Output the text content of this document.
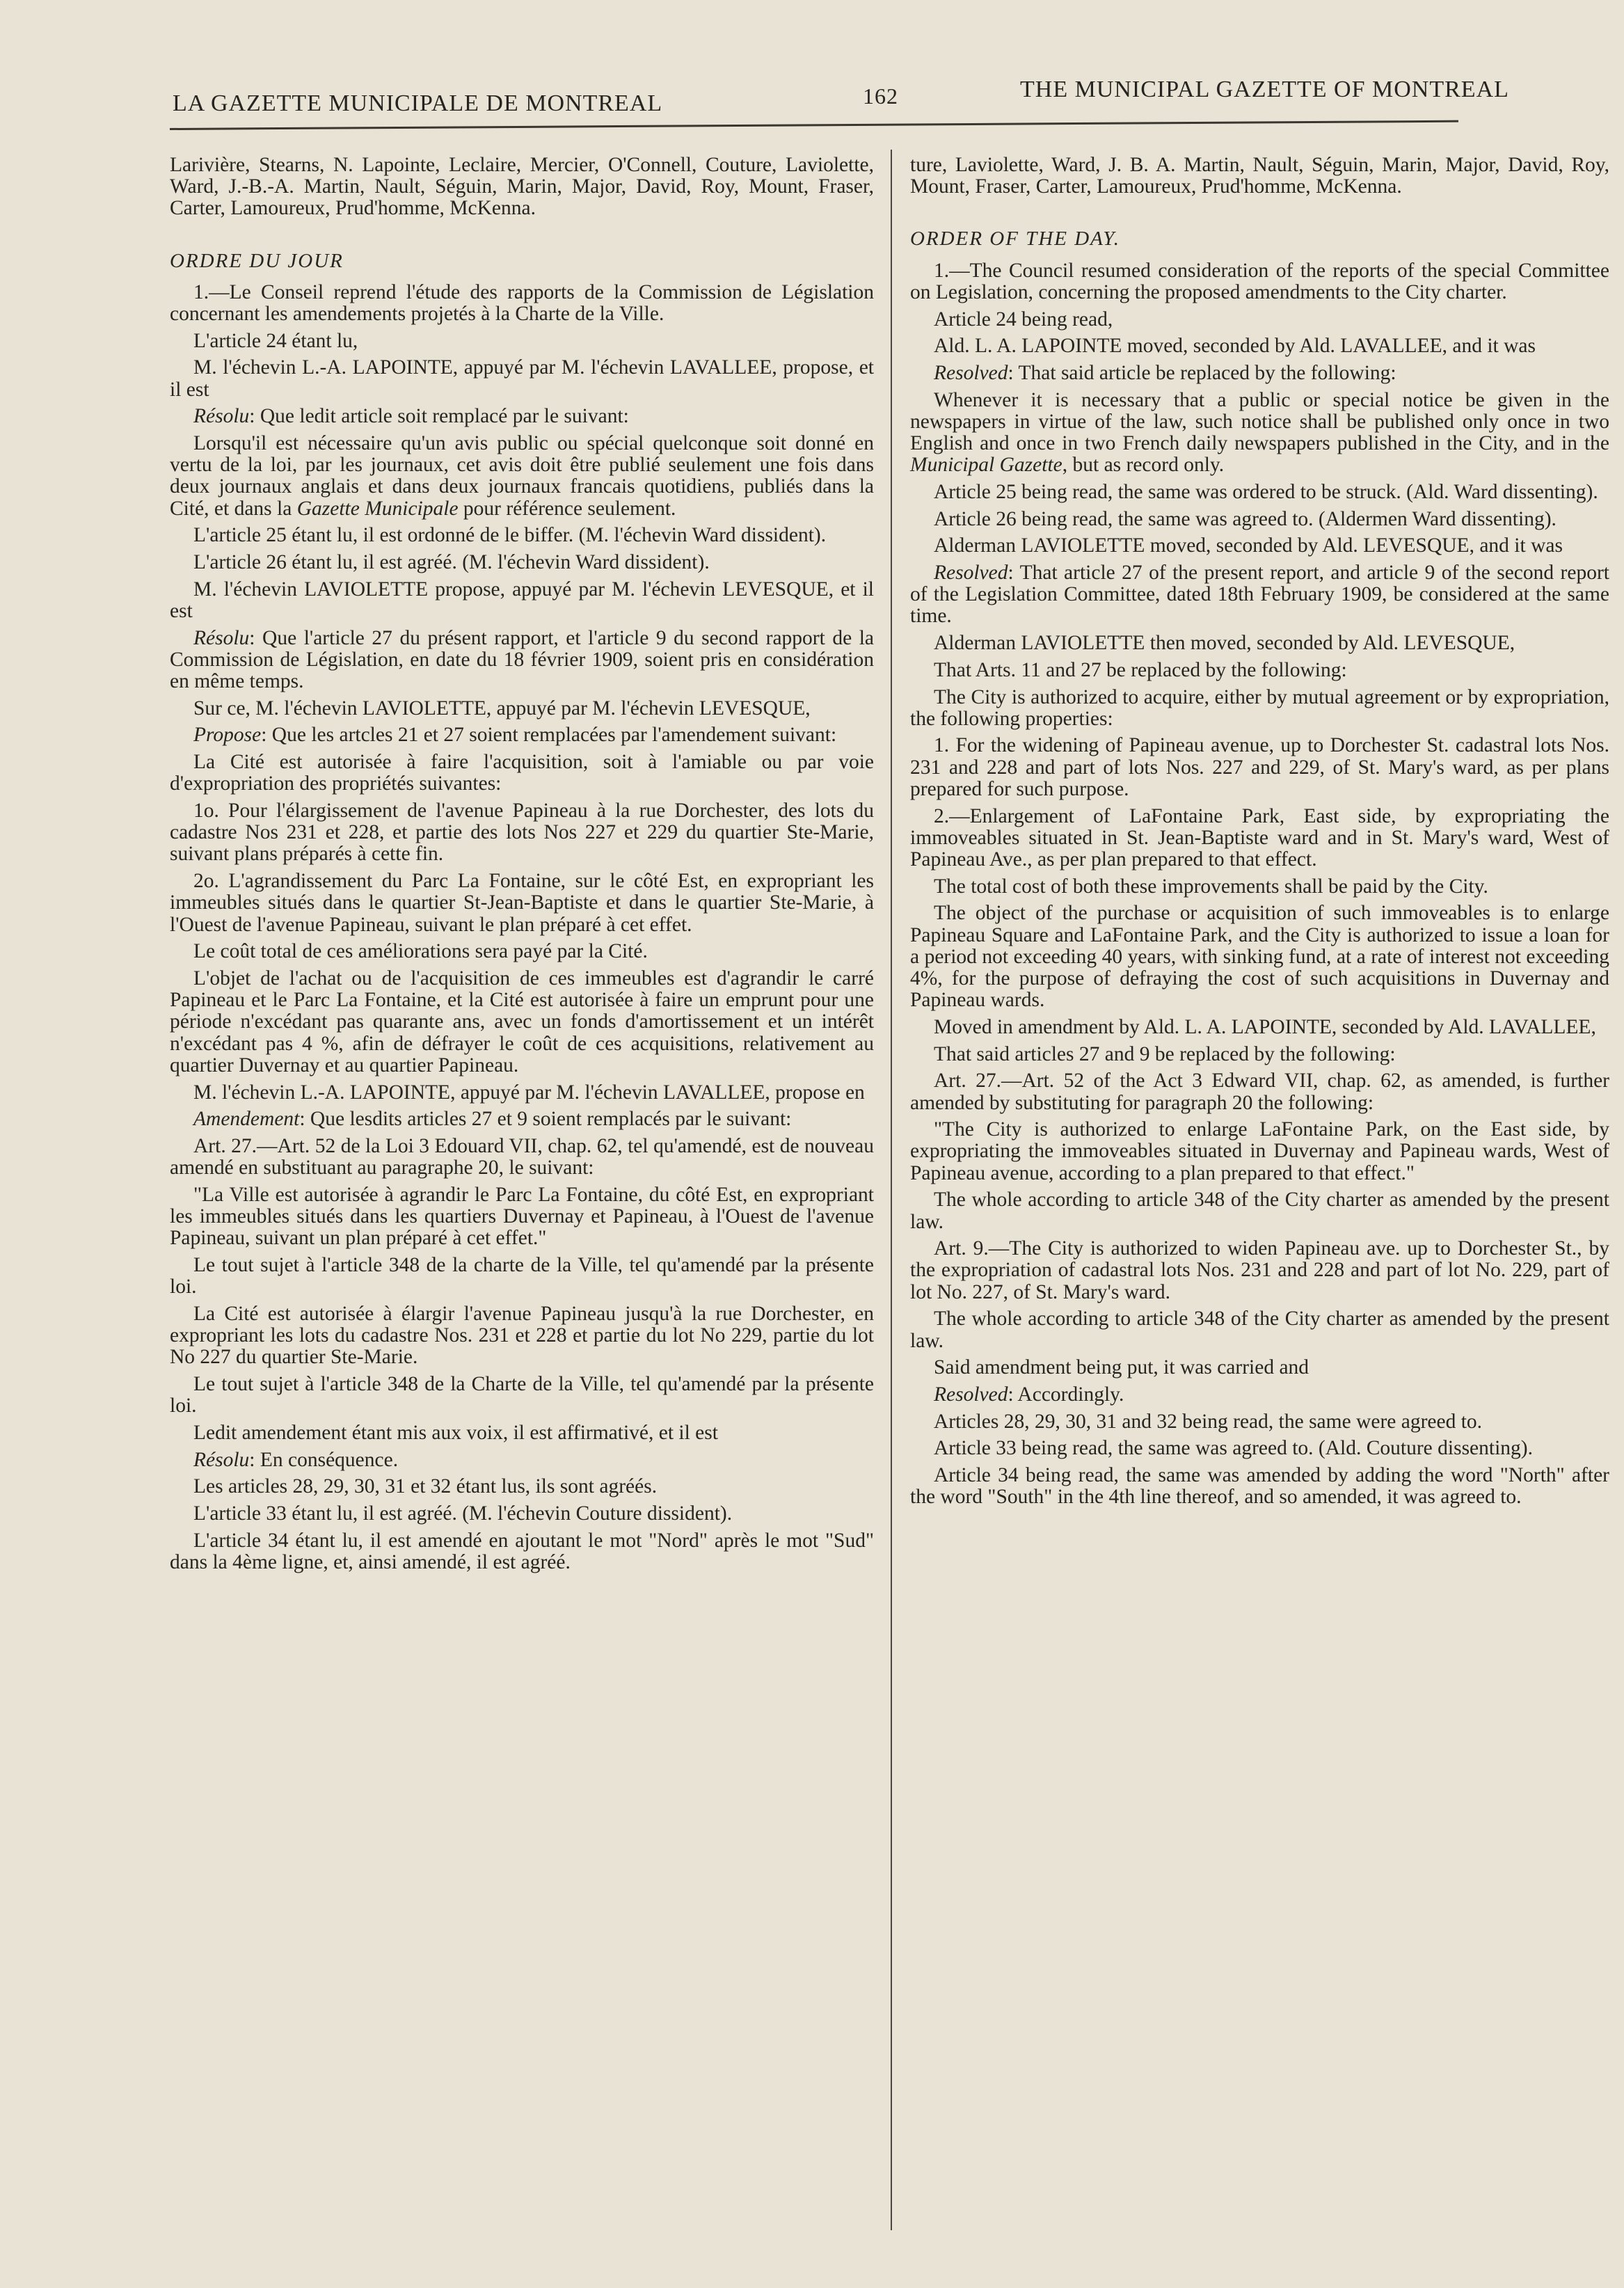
LA GAZETTE MUNICIPALE DE MONTREAL	162	THE MUNICIPAL GAZETTE OF MONTREAL

Larivière, Stearns, N. Lapointe, Leclaire, Mercier, O'Connell, Couture, Laviolette, Ward, J.-B.-A. Martin, Nault, Séguin, Marin, Major, David, Roy, Mount, Fraser, Carter, Lamoureux, Prud'homme, McKenna.

ORDRE DU JOUR

1.—Le Conseil reprend l'étude des rapports de la Commission de Législation concernant les amendements projetés à la Charte de la Ville.

L'article 24 étant lu,

M. l'échevin L.-A. LAPOINTE, appuyé par M. l'échevin LAVALLEE, propose, et il est

Résolu: Que ledit article soit remplacé par le suivant:

Lorsqu'il est nécessaire qu'un avis public ou spécial quelconque soit donné en vertu de la loi, par les journaux, cet avis doit être publié seulement une fois dans deux journaux anglais et dans deux journaux francais quotidiens, publiés dans la Cité, et dans la Gazette Municipale pour référence seulement.

L'article 25 étant lu, il est ordonné de le biffer. (M. l'échevin Ward dissident).

L'article 26 étant lu, il est agréé. (M. l'échevin Ward dissident).

M. l'échevin LAVIOLETTE propose, appuyé par M. l'échevin LEVESQUE, et il est

Résolu: Que l'article 27 du présent rapport, et l'article 9 du second rapport de la Commission de Législation, en date du 18 février 1909, soient pris en considération en même temps.

Sur ce, M. l'échevin LAVIOLETTE, appuyé par M. l'échevin LEVESQUE,

Propose: Que les artcles 21 et 27 soient remplacées par l'amendement suivant:

La Cité est autorisée à faire l'acquisition, soit à l'amiable ou par voie d'expropriation des propriétés suivantes:

1o. Pour l'élargissement de l'avenue Papineau à la rue Dorchester, des lots du cadastre Nos 231 et 228, et partie des lots Nos 227 et 229 du quartier Ste-Marie, suivant plans préparés à cette fin.

2o. L'agrandissement du Parc La Fontaine, sur le côté Est, en expropriant les immeubles situés dans le quartier St-Jean-Baptiste et dans le quartier Ste-Marie, à l'Ouest de l'avenue Papineau, suivant le plan préparé à cet effet.

Le coût total de ces améliorations sera payé par la Cité.

L'objet de l'achat ou de l'acquisition de ces immeubles est d'agrandir le carré Papineau et le Parc La Fontaine, et la Cité est autorisée à faire un emprunt pour une période n'excédant pas quarante ans, avec un fonds d'amortissement et un intérêt n'excédant pas 4 %, afin de défrayer le coût de ces acquisitions, relativement au quartier Duvernay et au quartier Papineau.

M. l'échevin L.-A. LAPOINTE, appuyé par M. l'échevin LAVALLEE, propose en

Amendement: Que lesdits articles 27 et 9 soient remplacés par le suivant:

Art. 27.—Art. 52 de la Loi 3 Edouard VII, chap. 62, tel qu'amendé, est de nouveau amendé en substituant au paragraphe 20, le suivant:

"La Ville est autorisée à agrandir le Parc La Fontaine, du côté Est, en expropriant les immeubles situés dans les quartiers Duvernay et Papineau, à l'Ouest de l'avenue Papineau, suivant un plan préparé à cet effet."

Le tout sujet à l'article 348 de la charte de la Ville, tel qu'amendé par la présente loi.

La Cité est autorisée à élargir l'avenue Papineau jusqu'à la rue Dorchester, en expropriant les lots du cadastre Nos. 231 et 228 et partie du lot No 229, partie du lot No 227 du quartier Ste-Marie.

Le tout sujet à l'article 348 de la Charte de la Ville, tel qu'amendé par la présente loi.

Ledit amendement étant mis aux voix, il est affirmativé, et il est

Résolu: En conséquence.

Les articles 28, 29, 30, 31 et 32 étant lus, ils sont agréés.

L'article 33 étant lu, il est agréé. (M. l'échevin Couture dissident).

L'article 34 étant lu, il est amendé en ajoutant le mot "Nord" après le mot "Sud" dans la 4ème ligne, et, ainsi amendé, il est agréé.

ture, Laviolette, Ward, J. B. A. Martin, Nault, Séguin, Marin, Major, David, Roy, Mount, Fraser, Carter, Lamoureux, Prud'homme, McKenna.

ORDER OF THE DAY.

1.—The Council resumed consideration of the reports of the special Committee on Legislation, concerning the proposed amendments to the City charter.

Article 24 being read,

Ald. L. A. LAPOINTE moved, seconded by Ald. LAVALLEE, and it was

Resolved: That said article be replaced by the following:

Whenever it is necessary that a public or special notice be given in the newspapers in virtue of the law, such notice shall be published only once in two English and once in two French daily newspapers published in the City, and in the Municipal Gazette, but as record only.

Article 25 being read, the same was ordered to be struck. (Ald. Ward dissenting).

Article 26 being read, the same was agreed to. (Aldermen Ward dissenting).

Alderman LAVIOLETTE moved, seconded by Ald. LEVESQUE, and it was

Resolved: That article 27 of the present report, and article 9 of the second report of the Legislation Committee, dated 18th February 1909, be considered at the same time.

Alderman LAVIOLETTE then moved, seconded by Ald. LEVESQUE,

That Arts. 11 and 27 be replaced by the following:

The City is authorized to acquire, either by mutual agreement or by expropriation, the following properties:

1. For the widening of Papineau avenue, up to Dorchester St. cadastral lots Nos. 231 and 228 and part of lots Nos. 227 and 229, of St. Mary's ward, as per plans prepared for such purpose.

2.—Enlargement of LaFontaine Park, East side, by expropriating the immoveables situated in St. Jean-Baptiste ward and in St. Mary's ward, West of Papineau Ave., as per plan prepared to that effect.

The total cost of both these improvements shall be paid by the City.

The object of the purchase or acquisition of such immoveables is to enlarge Papineau Square and LaFontaine Park, and the City is authorized to issue a loan for a period not exceeding 40 years, with sinking fund, at a rate of interest not exceeding 4%, for the purpose of defraying the cost of such acquisitions in Duvernay and Papineau wards.

Moved in amendment by Ald. L. A. LAPOINTE, seconded by Ald. LAVALLEE,

That said articles 27 and 9 be replaced by the following:

Art. 27.—Art. 52 of the Act 3 Edward VII, chap. 62, as amended, is further amended by substituting for paragraph 20 the following:

"The City is authorized to enlarge LaFontaine Park, on the East side, by expropriating the immoveables situated in Duvernay and Papineau wards, West of Papineau avenue, according to a plan prepared to that effect."

The whole according to article 348 of the City charter as amended by the present law.

Art. 9.—The City is authorized to widen Papineau ave. up to Dorchester St., by the expropriation of cadastral lots Nos. 231 and 228 and part of lot No. 229, part of lot No. 227, of St. Mary's ward.

The whole according to article 348 of the City charter as amended by the present law.

Said amendment being put, it was carried and

Resolved: Accordingly.

Articles 28, 29, 30, 31 and 32 being read, the same were agreed to.

Article 33 being read, the same was agreed to. (Ald. Couture dissenting).

Article 34 being read, the same was amended by adding the word "North" after the word "South" in the 4th line thereof, and so amended, it was agreed to.
